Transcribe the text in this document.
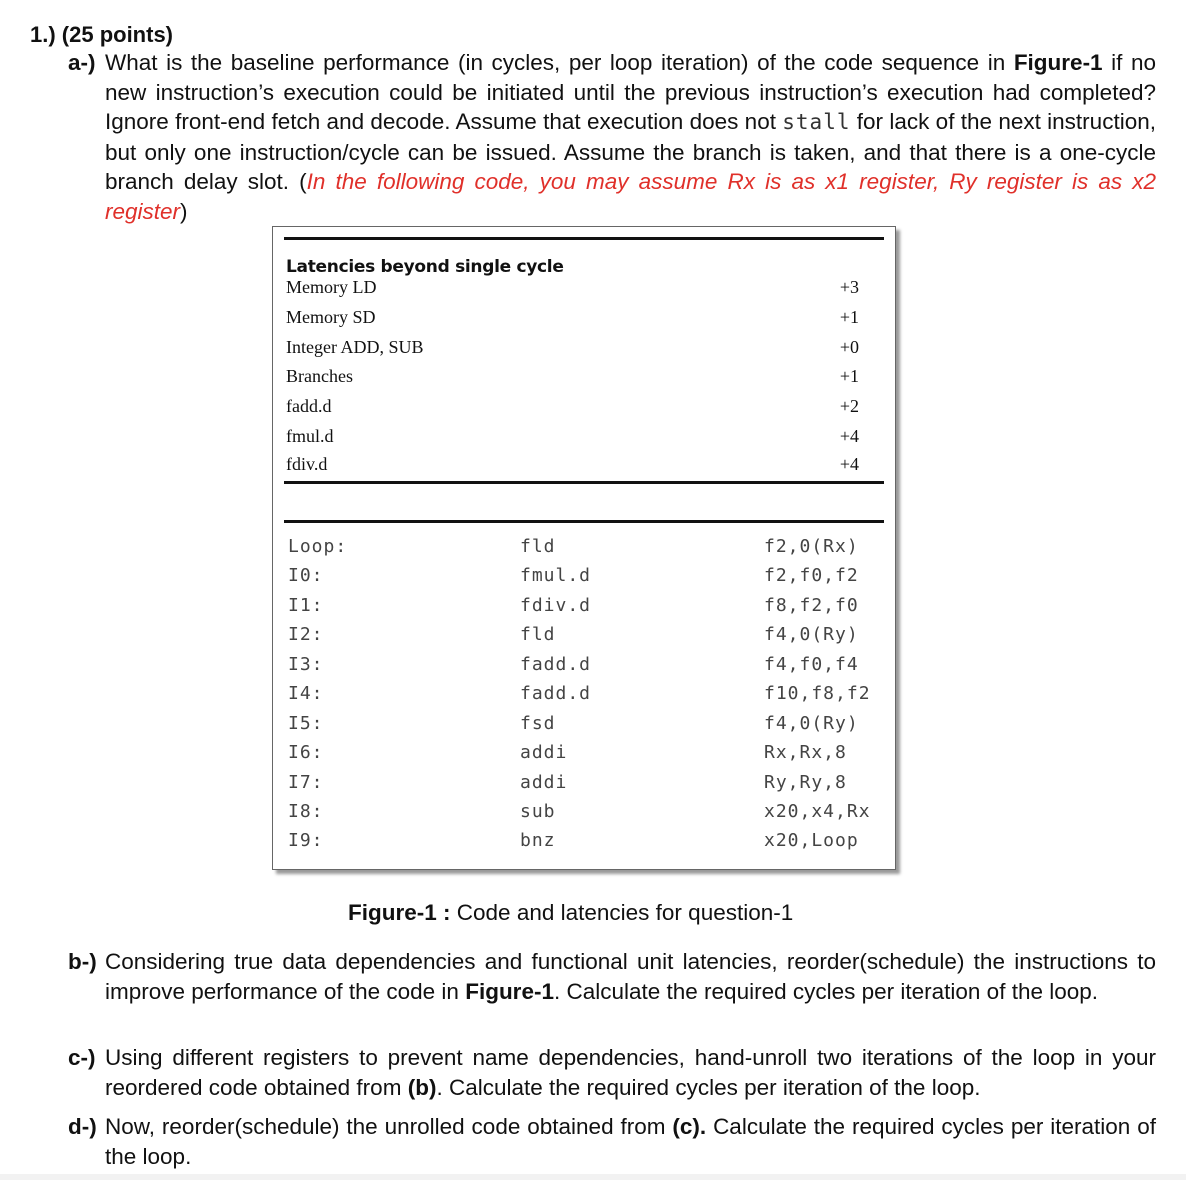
1.) (25 points)
a-) What is the baseline performance (in cycles, per loop iteration) of the code sequence in Figure-1 if no new instruction’s execution could be initiated until the previous instruction’s execution had completed? Ignore front-end fetch and decode. Assume that execution does not stall for lack of the next instruction, but only one instruction/cycle can be issued. Assume the branch is taken, and that there is a one-cycle branch delay slot. (In the following code, you may assume Rx is as x1 register, Ry register is as x2 register)
Latencies beyond single cycle
Memory LD	+3
Memory SD	+1
Integer ADD, SUB	+0
Branches	+1
fadd.d	+2
fmul.d	+4
fdiv.d	+4
Loop:	fld	f2,0(Rx)
I0:	fmul.d	f2,f0,f2
I1:	fdiv.d	f8,f2,f0
I2:	fld	f4,0(Ry)
I3:	fadd.d	f4,f0,f4
I4:	fadd.d	f10,f8,f2
I5:	fsd	f4,0(Ry)
I6:	addi	Rx,Rx,8
I7:	addi	Ry,Ry,8
I8:	sub	x20,x4,Rx
I9:	bnz	x20,Loop
Figure-1 : Code and latencies for question-1
b-) Considering true data dependencies and functional unit latencies, reorder(schedule) the instructions to improve performance of the code in Figure-1. Calculate the required cycles per iteration of the loop.
c-) Using different registers to prevent name dependencies, hand-unroll two iterations of the loop in your reordered code obtained from (b). Calculate the required cycles per iteration of the loop.
d-) Now, reorder(schedule) the unrolled code obtained from (c). Calculate the required cycles per iteration of the loop.
